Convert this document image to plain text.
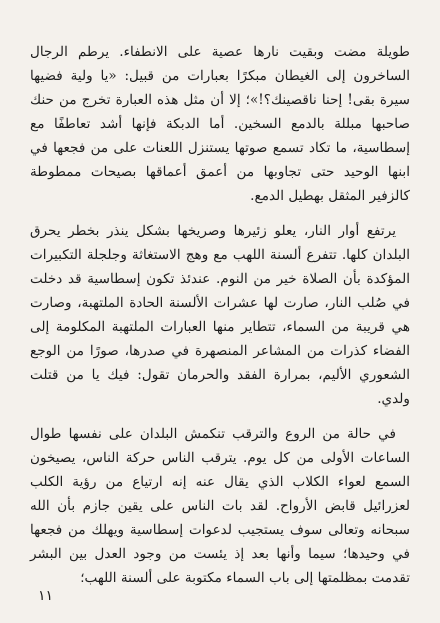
طويلة مضت وبقيت نارها عصية على الانطفاء. يرطم الرجال الساخرون إلى الغيطان مبكرًا بعبارات من قبيل: «يا ولية فضيها سيرة بقى! إحنا ناقصينك؟!»؛ إلا أن مثل هذه العبارة تخرج من حنك صاحبها مبللة بالدمع السخين. أما الدبكة فإنها أشد تعاطفًا مع إسطاسية، ما تكاد تسمع صوتها يستنزل اللعنات على من فجعها في ابنها الوحيد حتى تجاوبها من أعمق أعماقها بصيحات ممطوطة كالزفير المثقل بهطيل الدمع.

يرتفع أوار النار، يعلو زئيرها وصريخها بشكل ينذر بخطر يحرق البلدان كلها. تتفرع ألسنة اللهب مع وهج الاستغاثة وجلجلة التكبيرات المؤكدة بأن الصلاة خير من النوم. عندئذ تكون إسطاسية قد دخلت في صُلب النار، صارت لها عشرات الألسنة الحادة الملتهبة، وصارت هي قريبة من السماء، تتطاير منها العبارات الملتهبة المكلومة إلى الفضاء كذرات من المشاعر المنصهرة في صدرها، صورًا من الوجع الشعوري الأليم، بمرارة الفقد والحرمان تقول: فيك يا من قتلت ولدي.

في حالة من الروع والترقب تنكمش البلدان على نفسها طوال الساعات الأولى من كل يوم. يترقب الناس حركة الناس، يصيخون السمع لعواء الكلاب الذي يقال عنه إنه ارتياع من رؤية الكلب لعزرائيل قابض الأرواح. لقد بات الناس على يقين جازم بأن الله سبحانه وتعالى سوف يستجيب لدعوات إسطاسية ويهلك من فجعها في وحيدها؛ سيما وأنها بعد إذ يئست من وجود العدل بين البشر تقدمت بمظلمتها إلى باب السماء مكتوبة على ألسنة اللهب؛

١١
